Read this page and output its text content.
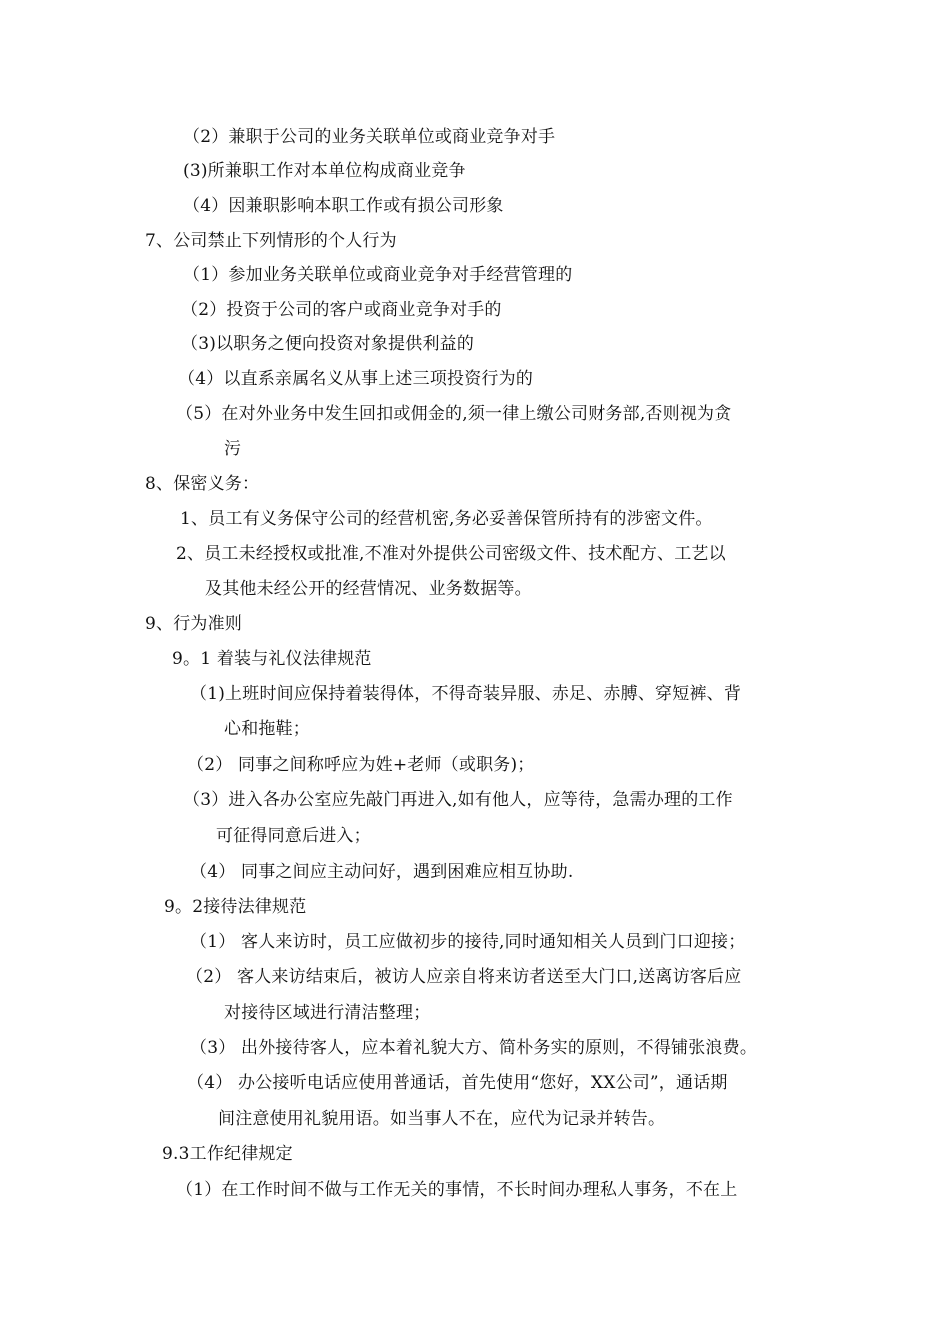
（2）兼职于公司的业务关联单位或商业竞争对手
(3)所兼职工作对本单位构成商业竞争
（4）因兼职影响本职工作或有损公司形象
7、公司禁止下列情形的个人行为
（1）参加业务关联单位或商业竞争对手经营管理的
（2）投资于公司的客户或商业竞争对手的
（3)以职务之便向投资对象提供利益的
（4）以直系亲属名义从事上述三项投资行为的
（5）在对外业务中发生回扣或佣金的,须一律上缴公司财务部,否则视为贪
污
8、保密义务：
1、员工有义务保守公司的经营机密,务必妥善保管所持有的涉密文件。
2、员工未经授权或批准,不准对外提供公司密级文件、技术配方、工艺以
及其他未经公开的经营情况、业务数据等。
9、行为准则
9。1 着装与礼仪法律规范
（1)上班时间应保持着装得体，不得奇装异服、赤足、赤膊、穿短裤、背
心和拖鞋；
（2） 同事之间称呼应为姓+老师（或职务)；
（3）进入各办公室应先敲门再进入,如有他人，应等待，急需办理的工作
可征得同意后进入；
（4） 同事之间应主动问好，遇到困难应相互协助.
9。2接待法律规范
（1） 客人来访时，员工应做初步的接待,同时通知相关人员到门口迎接；
（2） 客人来访结束后，被访人应亲自将来访者送至大门口,送离访客后应
对接待区域进行清洁整理；
（3） 出外接待客人，应本着礼貌大方、简朴务实的原则，不得铺张浪费。
（4） 办公接听电话应使用普通话，首先使用“您好，XX公司”，通话期
间注意使用礼貌用语。如当事人不在，应代为记录并转告。
9.3工作纪律规定
（1）在工作时间不做与工作无关的事情，不长时间办理私人事务，不在上
